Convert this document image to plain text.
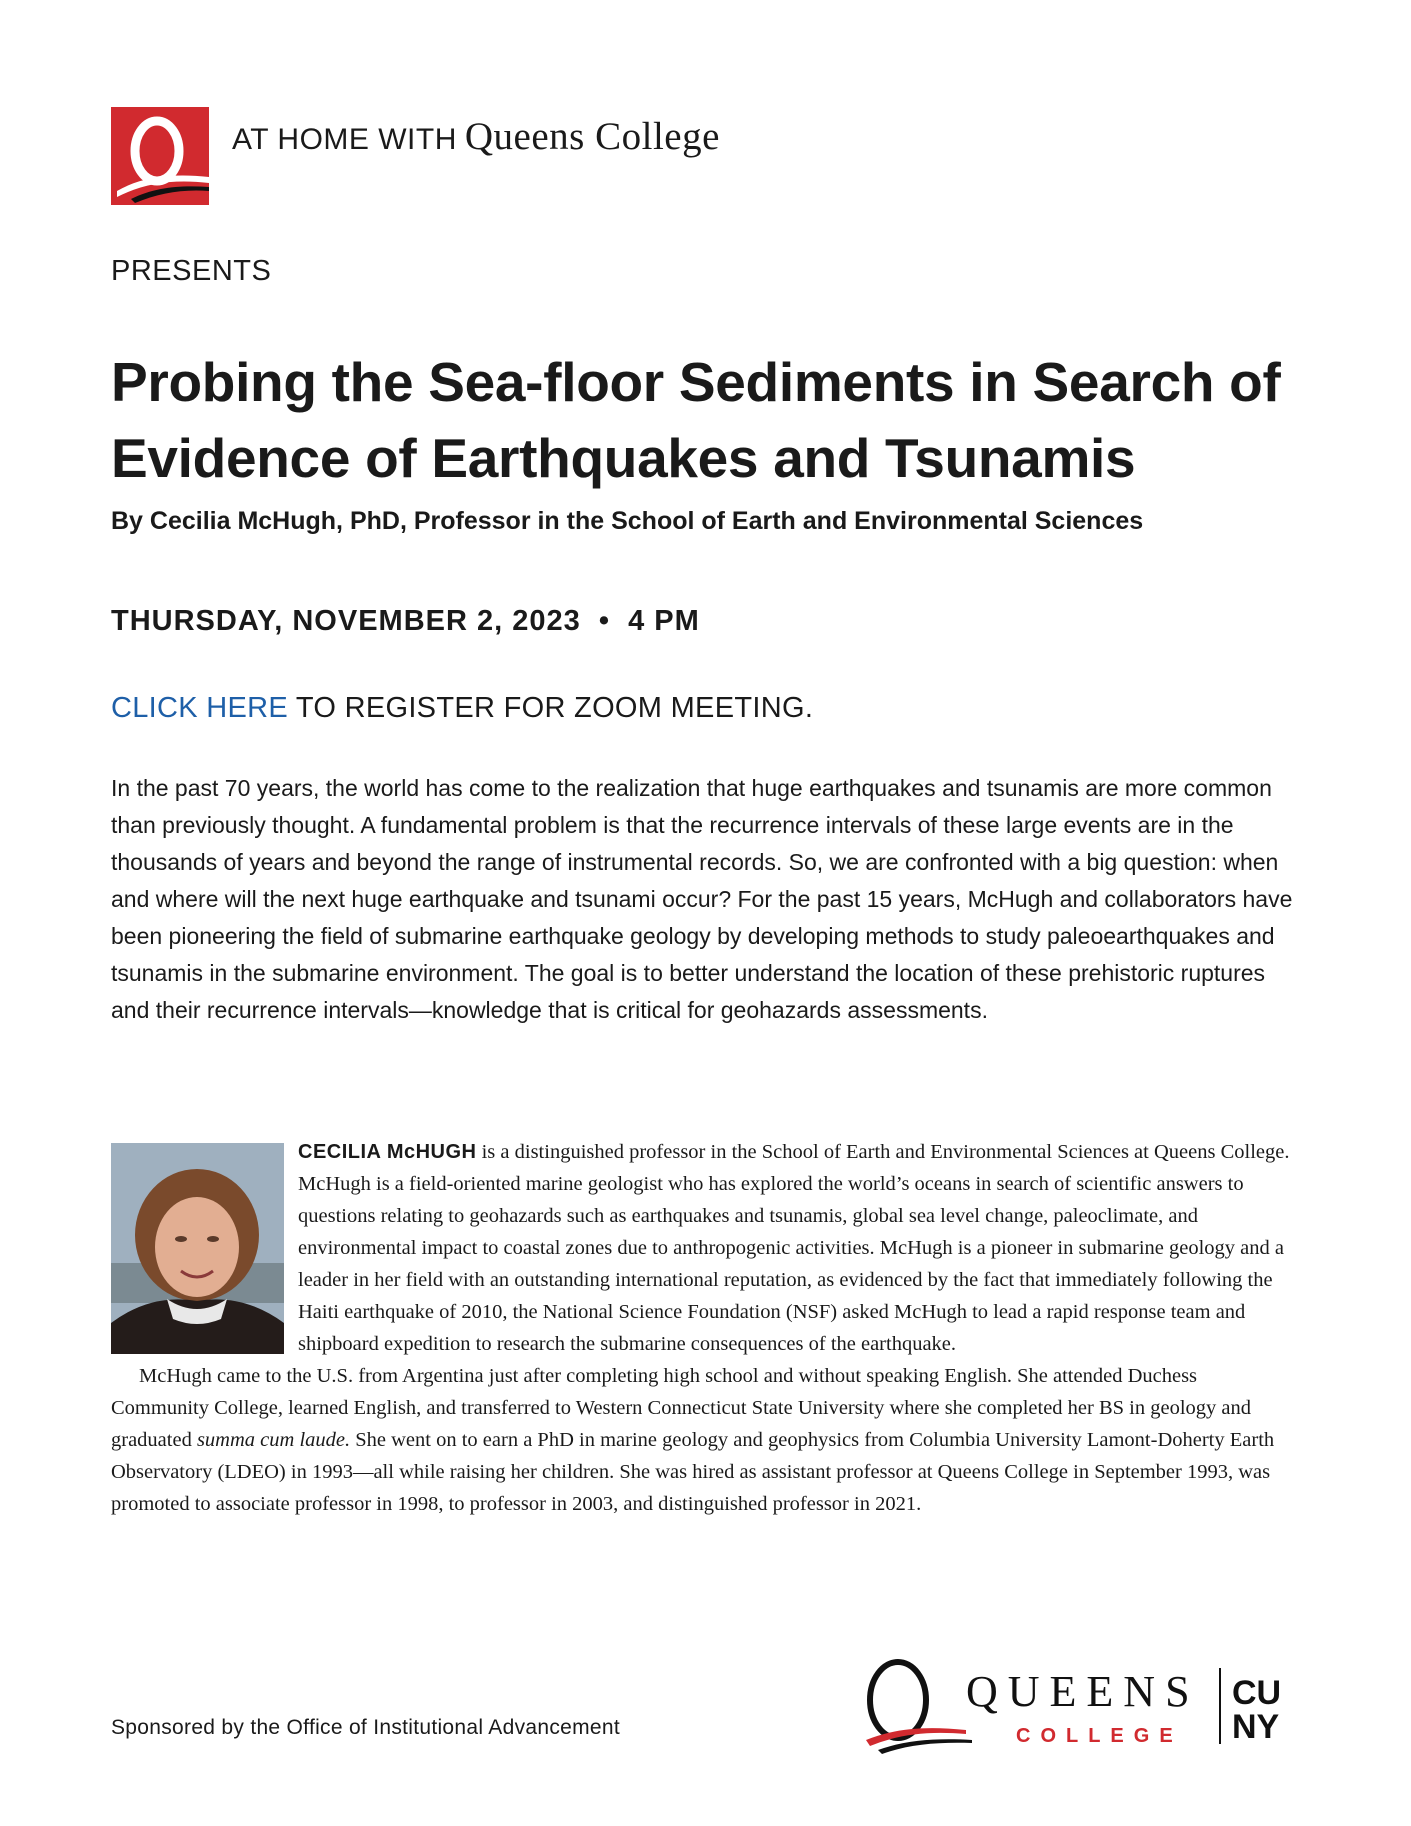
AT HOME WITH Queens College
PRESENTS
Probing the Sea-floor Sediments in Search of Evidence of Earthquakes and Tsunamis
By Cecilia McHugh, PhD, Professor in the School of Earth and Environmental Sciences
THURSDAY, NOVEMBER 2, 2023  •  4 PM
CLICK HERE TO REGISTER FOR ZOOM MEETING.

In the past 70 years, the world has come to the realization that huge earthquakes and tsunamis are more common than previously thought. A fundamental problem is that the recurrence intervals of these large events are in the thousands of years and beyond the range of instrumental records. So, we are confronted with a big question: when and where will the next huge earthquake and tsunami occur? For the past 15 years, McHugh and collaborators have been pioneering the field of submarine earthquake geology by developing methods to study paleoearthquakes and tsunamis in the submarine environment. The goal is to better understand the location of these prehistoric ruptures and their recurrence intervals—knowledge that is critical for geohazards assessments.

CECILIA McHUGH is a distinguished professor in the School of Earth and Environmental Sciences at Queens College. McHugh is a field-oriented marine geologist who has explored the world’s oceans in search of scientific answers to questions relating to geohazards such as earthquakes and tsunamis, global sea level change, paleoclimate, and environmental impact to coastal zones due to anthropogenic activities. McHugh is a pioneer in submarine geology and a leader in her field with an outstanding international reputation, as evidenced by the fact that immediately following the Haiti earthquake of 2010, the National Science Foundation (NSF) asked McHugh to lead a rapid response team and shipboard expedition to research the submarine consequences of the earthquake.

McHugh came to the U.S. from Argentina just after completing high school and without speaking English. She attended Duchess Community College, learned English, and transferred to Western Connecticut State University where she completed her BS in geology and graduated summa cum laude. She went on to earn a PhD in marine geology and geophysics from Columbia University Lamont-Doherty Earth Observatory (LDEO) in 1993—all while raising her children. She was hired as assistant professor at Queens College in September 1993, was promoted to associate professor in 1998, to professor in 2003, and distinguished professor in 2021.

Sponsored by the Office of Institutional Advancement
QUEENS
COLLEGE
CU
NY
